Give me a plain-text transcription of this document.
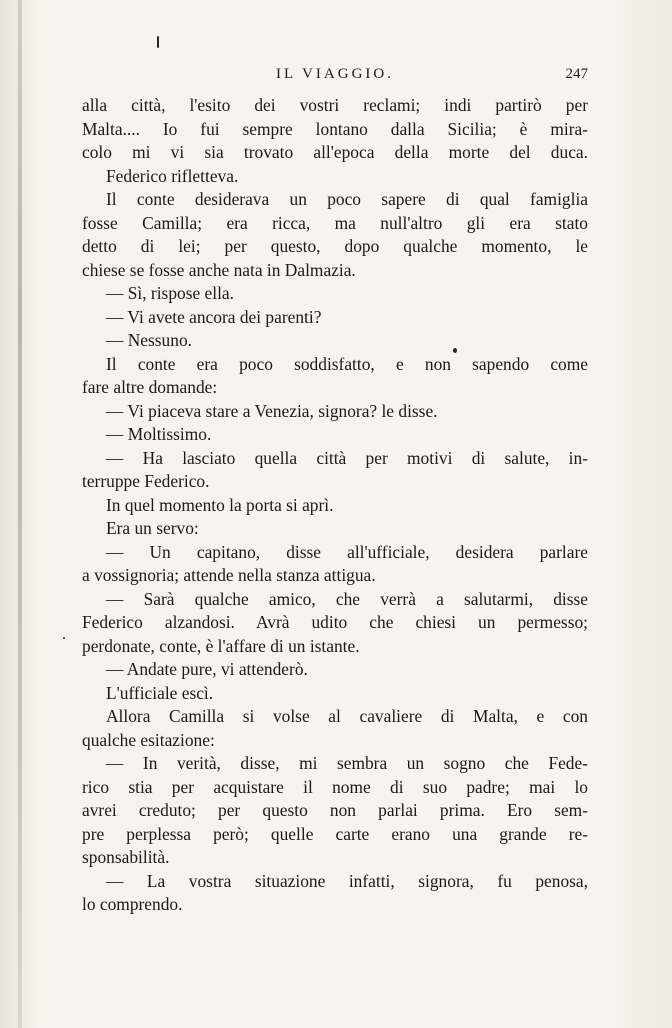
IL VIAGGIO.	247
alla città, l'esito dei vostri reclami; indi partirò per
Malta.... Io fui sempre lontano dalla Sicilia; è mira-
colo mi vi sia trovato all'epoca della morte del duca.
Federico rifletteva.
Il conte desiderava un poco sapere di qual famiglia
fosse Camilla; era ricca, ma null'altro gli era stato
detto di lei; per questo, dopo qualche momento, le
chiese se fosse anche nata in Dalmazia.
— Sì, rispose ella.
— Vi avete ancora dei parenti?
— Nessuno.
Il conte era poco soddisfatto, e non sapendo come
fare altre domande:
— Vi piaceva stare a Venezia, signora? le disse.
— Moltissimo.
— Ha lasciato quella città per motivi di salute, in-
terruppe Federico.
In quel momento la porta si aprì.
Era un servo:
— Un capitano, disse all'ufficiale, desidera parlare
a vossignoria; attende nella stanza attigua.
— Sarà qualche amico, che verrà a salutarmi, disse
Federico alzandosi. Avrà udito che chiesi un permesso;
perdonate, conte, è l'affare di un istante.
— Andate pure, vi attenderò.
L'ufficiale escì.
Allora Camilla si volse al cavaliere di Malta, e con
qualche esitazione:
— In verità, disse, mi sembra un sogno che Fede-
rico stia per acquistare il nome di suo padre; mai lo
avrei creduto; per questo non parlai prima. Ero sem-
pre perplessa però; quelle carte erano una grande re-
sponsabilità.
— La vostra situazione infatti, signora, fu penosa,
lo comprendo.
